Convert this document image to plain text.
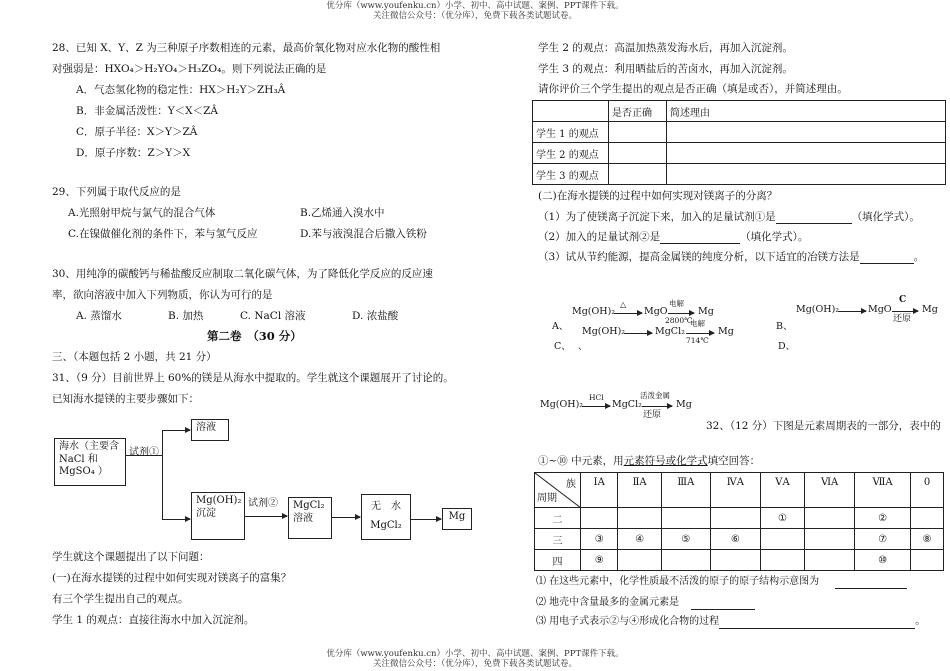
优分库（www.youfenku.cn）小学、初中、高中试题、案例、PPT课件下载。
关注微信公众号：（优分库），免费下载各类试题试卷。
28、已知 X、Y、Z 为三种原子序数相连的元素，最高价氧化物对应水化物的酸性相
对强弱是：HXO₄＞H₂YO₄＞H₃ZO₄。则下列说法正确的是
A．气态氢化物的稳定性：HX＞H₂Y＞ZH₃Â
B．非金属活泼性：Y＜X＜ZÂ
C．原子半径：X＞Y＞ZÂ
D．原子序数：Z＞Y＞X
29、下列属于取代反应的是
A.光照射甲烷与氯气的混合气体	B.乙烯通入溴水中
C.在镍做催化剂的条件下，苯与氢气反应	D.苯与液溴混合后撒入铁粉
30、用纯净的碳酸钙与稀盐酸反应制取二氧化碳气体，为了降低化学反应的反应速
率，欲向溶液中加入下列物质，你认为可行的是
A. 蒸馏水	B. 加热	C. NaCl 溶液	D. 浓盐酸
第二卷　（30 分）
三、（本题包括 2 小题，共 21 分）
31、（9 分）目前世界上 60%的镁是从海水中提取的。学生就这个课题展开了讨论的。
已知海水提镁的主要步骤如下：
海水（主要含 NaCl 和 MgSO₄ ）
试剂①
溶液
Mg(OH)₂
沉淀
试剂② MgCl₂
溶液
无　水
MgCl₂
Mg
学生就这个课题提出了以下问题：
(一)在海水提镁的过程中如何实现对镁离子的富集？
有三个学生提出自己的观点。
学生 1 的观点：直接往海水中加入沉淀剂。
学生 2 的观点：高温加热蒸发海水后，再加入沉淀剂。
学生 3 的观点：利用晒盐后的苦卤水，再加入沉淀剂。
请你评价三个学生提出的观点是否正确（填是或否），并简述理由。
	是否正确	简述理由
学生 1 的观点		
学生 2 的观点		
学生 3 的观点		
(二)在海水提镁的过程中如何实现对镁离子的分离？
（1）为了使镁离子沉淀下来，加入的足量试剂①是	（填化学式）。
（2）加入的足量试剂②是	（填化学式）。
（3）试从节约能源，提高金属镁的纯度分析，以下适宜的冶镁方法是	。
A、
Mg(OH)₂
△
MgO
电解
2800℃
Mg
B、
Mg(OH)₂	MgO
C
还原
Mg
C、 、
Mg(OH)₂	MgCl₂
电解
714℃
Mg
D、
Mg(OH)₂
HCl
MgCl₂
活泼金属
还原
Mg
32、（12 分）下图是元素周期表的一部分，表中的
①~⑩ 中元素，用元素符号或化学式填空回答：
族
周期	IA	ⅡA	ⅢA	ⅣA	ⅤA	ⅥA	ⅦA	0
二					①		②	
三	③	④	⑤	⑥			⑦	⑧
四	⑨						⑩	
⑴ 在这些元素中，化学性质最不活泼的原子的原子结构示意图为
⑵ 地壳中含量最多的金属元素是
⑶ 用电子式表示②与④形成化合物的过程	。
优分库（www.youfenku.cn）小学、初中、高中试题、案例、PPT课件下载。
关注微信公众号：（优分库），免费下载各类试题试卷。
